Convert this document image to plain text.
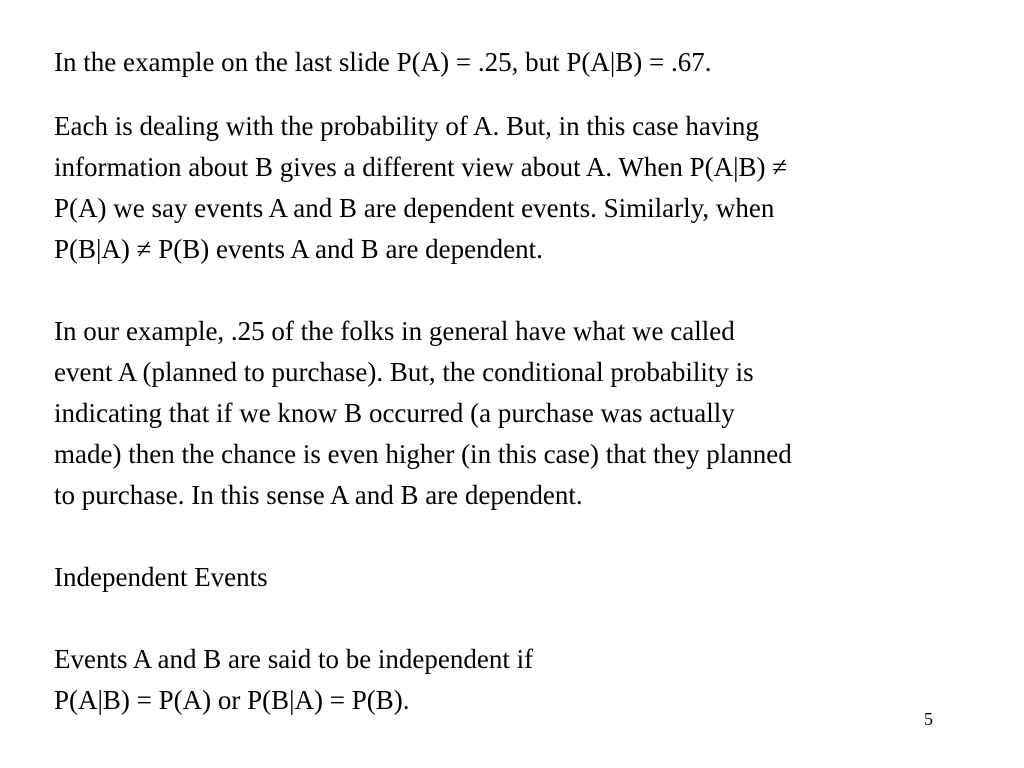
In the example on the last slide P(A) = .25, but P(A|B) = .67.
Each is dealing with the probability of A. But, in this case having
information about B gives a different view about A. When P(A|B) ≠
P(A) we say events A and B are dependent events. Similarly, when
P(B|A) ≠ P(B) events A and B are dependent.
In our example, .25 of the folks in general have what we called
event A (planned to purchase). But, the conditional probability is
indicating that if we know B occurred (a purchase was actually
made) then the chance is even higher (in this case) that they planned
to purchase. In this sense A and B are dependent.
Independent Events
Events A and B are said to be independent if
P(A|B) = P(A) or P(B|A) = P(B).
5
